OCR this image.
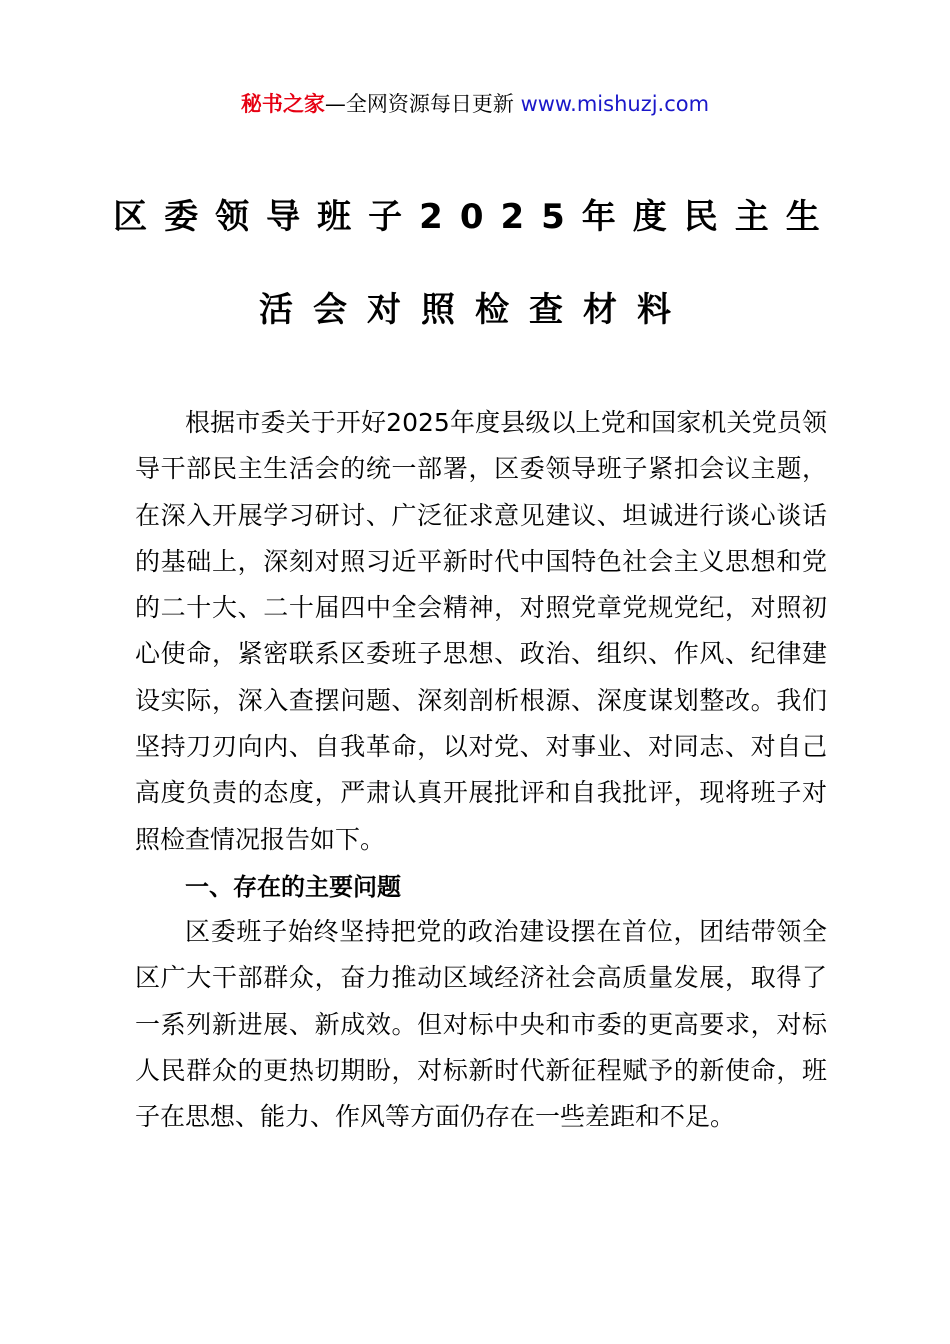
秘书之家—全网资源每日更新 www.mishuzj.com
区委领导班子2025年度民主生
活会对照检查材料

根据市委关于开好2025年度县级以上党和国家机关党员领导干部民主生活会的统一部署，区委领导班子紧扣会议主题，在深入开展学习研讨、广泛征求意见建议、坦诚进行谈心谈话的基础上，深刻对照习近平新时代中国特色社会主义思想和党的二十大、二十届四中全会精神，对照党章党规党纪，对照初心使命，紧密联系区委班子思想、政治、组织、作风、纪律建设实际，深入查摆问题、深刻剖析根源、深度谋划整改。我们坚持刀刃向内、自我革命，以对党、对事业、对同志、对自己高度负责的态度，严肃认真开展批评和自我批评，现将班子对照检查情况报告如下。

一、存在的主要问题

区委班子始终坚持把党的政治建设摆在首位，团结带领全区广大干部群众，奋力推动区域经济社会高质量发展，取得了一系列新进展、新成效。但对标中央和市委的更高要求，对标人民群众的更热切期盼，对标新时代新征程赋予的新使命，班子在思想、能力、作风等方面仍存在一些差距和不足。
